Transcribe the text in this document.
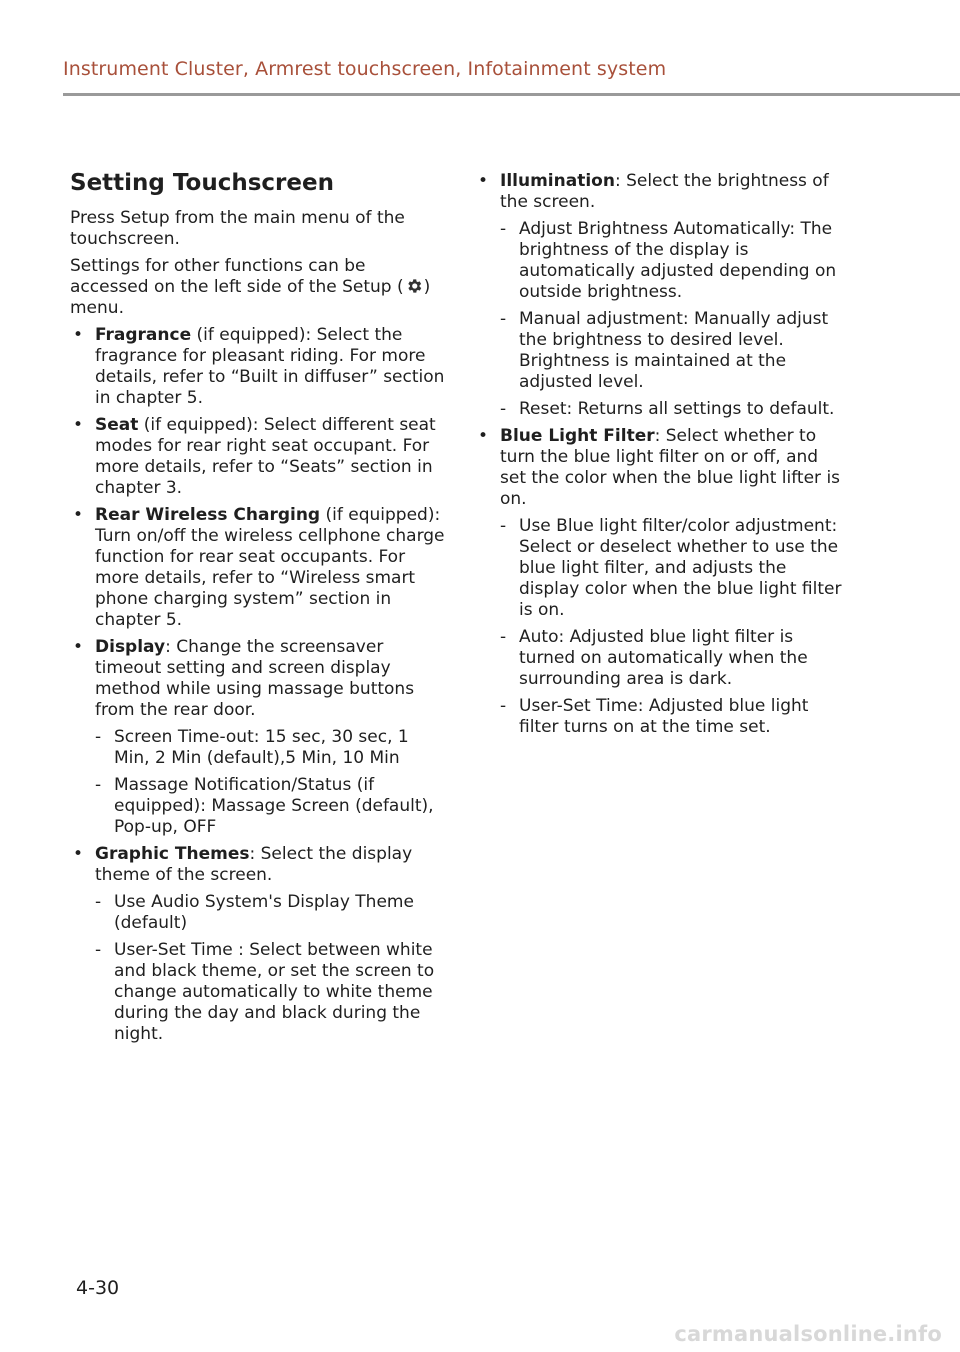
Instrument Cluster, Armrest touchscreen, Infotainment system
Setting Touchscreen

Press Setup from the main menu of the touchscreen.

Settings for other functions can be accessed on the left side of the Setup ( ) menu.

• Fragrance (if equipped): Select the fragrance for pleasant riding. For more details, refer to “Built in diffuser” section in chapter 5.
• Seat (if equipped): Select different seat modes for rear right seat occupant. For more details, refer to “Seats” section in chapter 3.
• Rear Wireless Charging (if equipped): Turn on/off the wireless cellphone charge function for rear seat occupants. For more details, refer to “Wireless smart phone charging system” section in chapter 5.
• Display: Change the screensaver timeout setting and screen display method while using massage buttons from the rear door.
- Screen Time-out: 15 sec, 30 sec, 1 Min, 2 Min (default),5 Min, 10 Min
- Massage Notification/Status (if equipped): Massage Screen (default), Pop-up, OFF
• Graphic Themes: Select the display theme of the screen.
- Use Audio System's Display Theme (default)
- User-Set Time : Select between white and black theme, or set the screen to change automatically to white theme during the day and black during the night.
• Illumination: Select the brightness of the screen.
- Adjust Brightness Automatically: The brightness of the display is automatically adjusted depending on outside brightness.
- Manual adjustment: Manually adjust the brightness to desired level. Brightness is maintained at the adjusted level.
- Reset: Returns all settings to default.
• Blue Light Filter: Select whether to turn the blue light filter on or off, and set the color when the blue light lifter is on.
- Use Blue light filter/color adjustment: Select or deselect whether to use the blue light filter, and adjusts the display color when the blue light filter is on.
- Auto: Adjusted blue light filter is turned on automatically when the surrounding area is dark.
- User-Set Time: Adjusted blue light filter turns on at the time set.
4-30
carmanualsonline.info
